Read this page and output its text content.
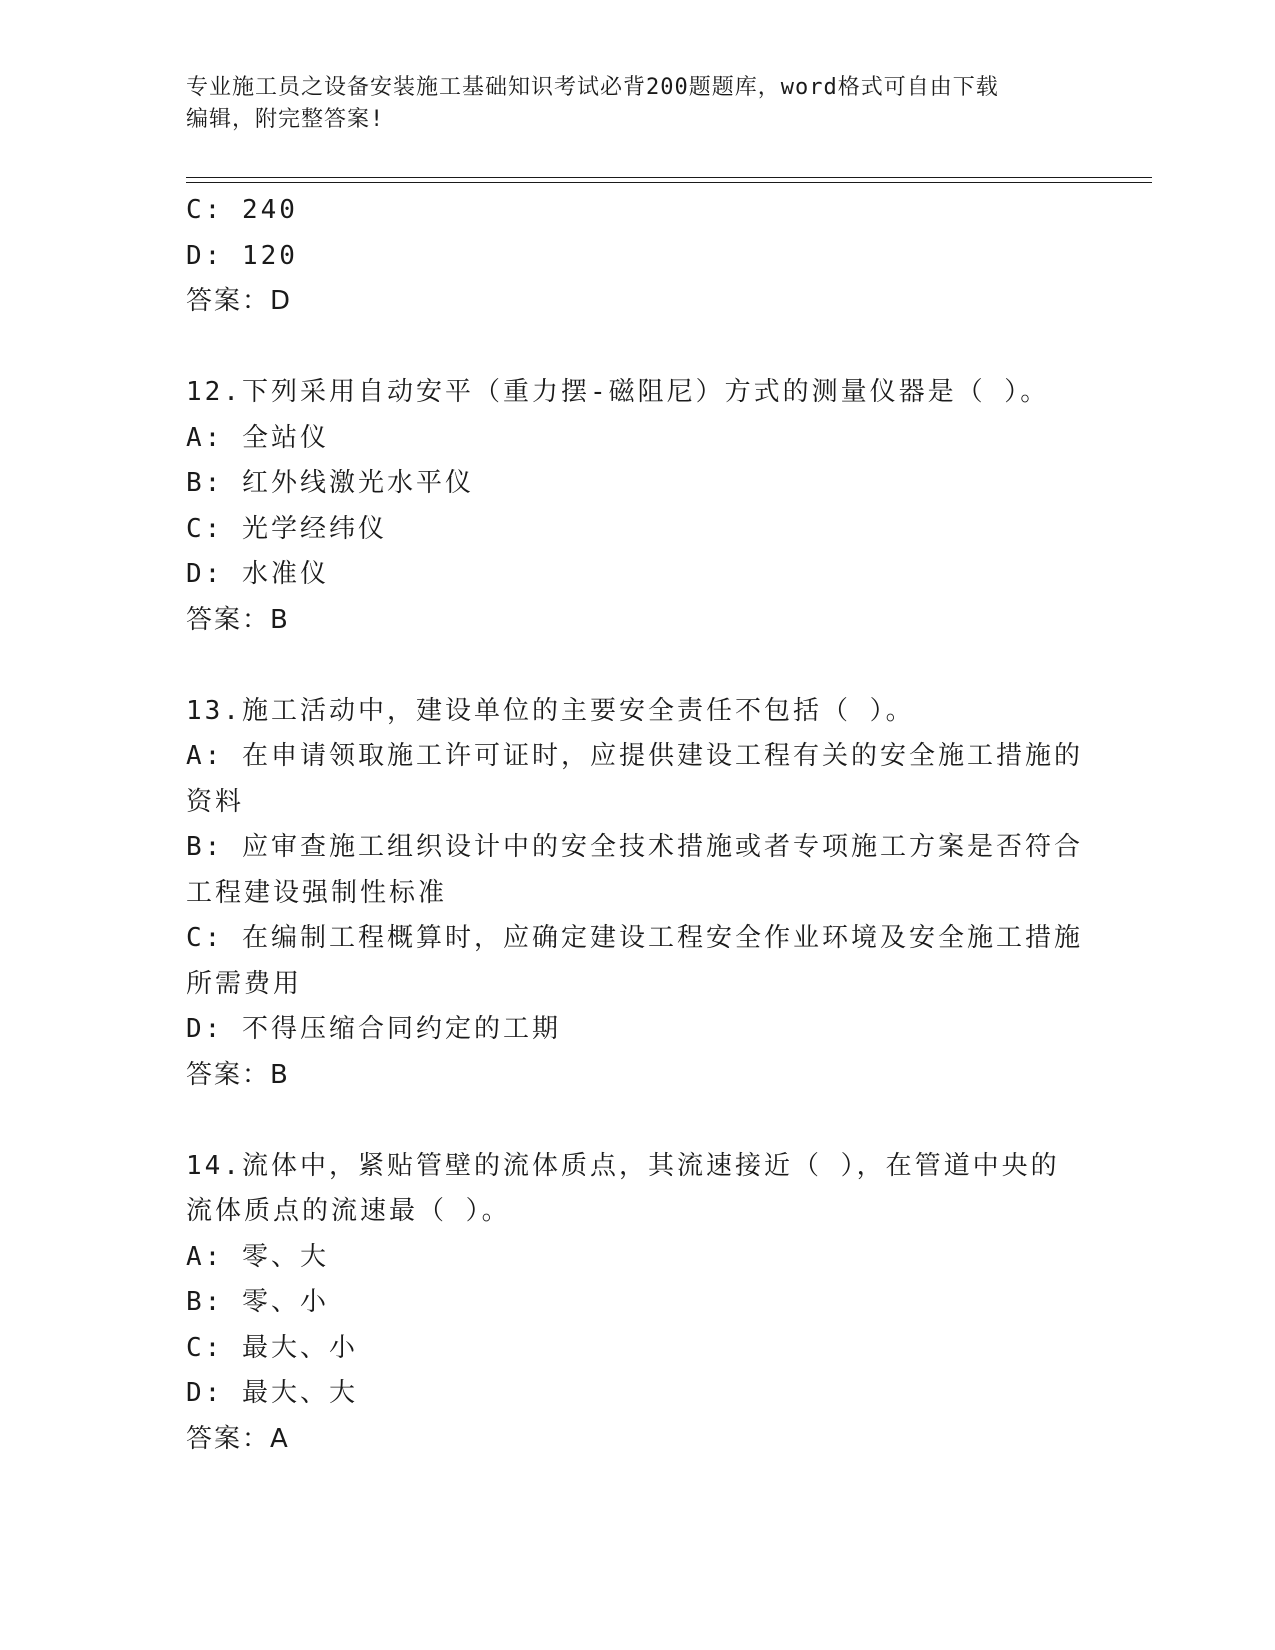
专业施工员之设备安装施工基础知识考试必背200题题库，word格式可自由下载

编辑，附完整答案!

C: 240

D: 120

答案：D

12.下列采用自动安平（重力摆-磁阻尼）方式的测量仪器是（ ）。

A: 全站仪

B: 红外线激光水平仪

C: 光学经纬仪

D: 水准仪

答案：B

13.施工活动中，建设单位的主要安全责任不包括（ ）。

A: 在申请领取施工许可证时，应提供建设工程有关的安全施工措施的

资料

B: 应审查施工组织设计中的安全技术措施或者专项施工方案是否符合

工程建设强制性标准

C: 在编制工程概算时，应确定建设工程安全作业环境及安全施工措施

所需费用

D: 不得压缩合同约定的工期

答案：B

14.流体中，紧贴管壁的流体质点，其流速接近（ ），在管道中央的

流体质点的流速最（ ）。

A: 零、大

B: 零、小

C: 最大、小

D: 最大、大

答案：A
